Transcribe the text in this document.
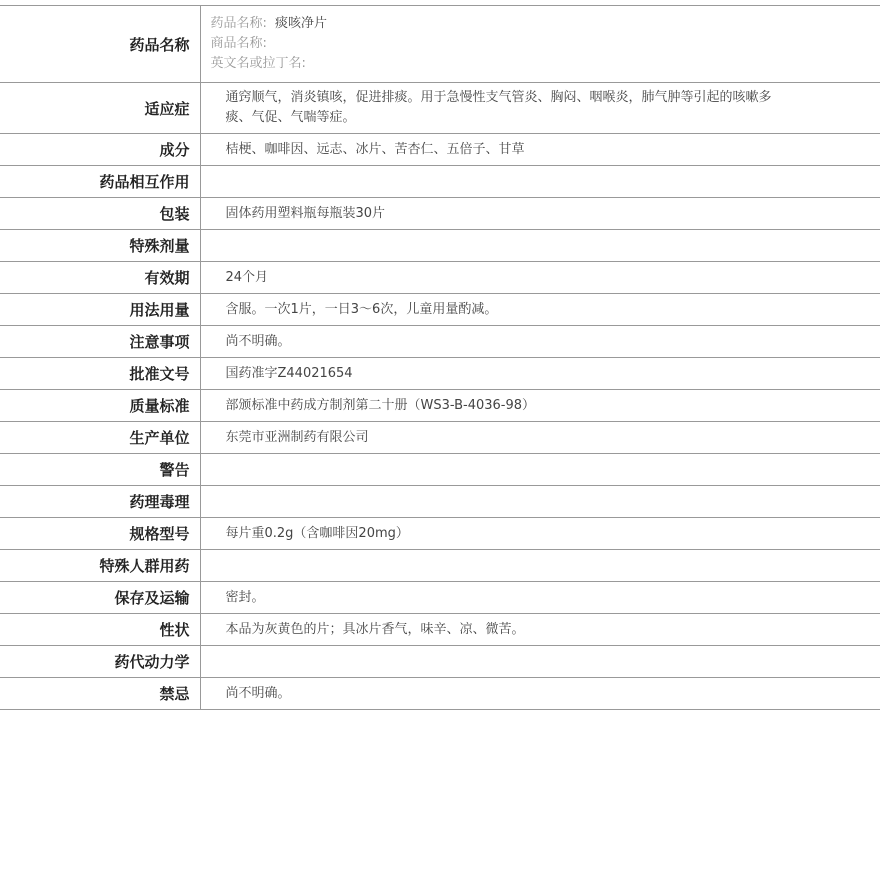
药品名称	药品名称: 痰咳净片
商品名称:
英文名或拉丁名:

适应症	通窍顺气，消炎镇咳，促进排痰。用于急慢性支气管炎、胸闷、咽喉炎，肺气肿等引起的咳嗽多痰、气促、气喘等症。
成分	桔梗、咖啡因、远志、冰片、苦杏仁、五倍子、甘草
药品相互作用	
包装	固体药用塑料瓶每瓶装30片
特殊剂量	
有效期	24个月
用法用量	含服。一次1片，一日3～6次，儿童用量酌减。
注意事项	尚不明确。
批准文号	国药准字Z44021654
质量标准	部颁标准中药成方制剂第二十册（WS3-B-4036-98）
生产单位	东莞市亚洲制药有限公司
警告	
药理毒理	
规格型号	每片重0.2g（含咖啡因20mg）
特殊人群用药	
保存及运输	密封。
性状	本品为灰黄色的片；具冰片香气，味辛、凉、微苦。
药代动力学	
禁忌	尚不明确。
